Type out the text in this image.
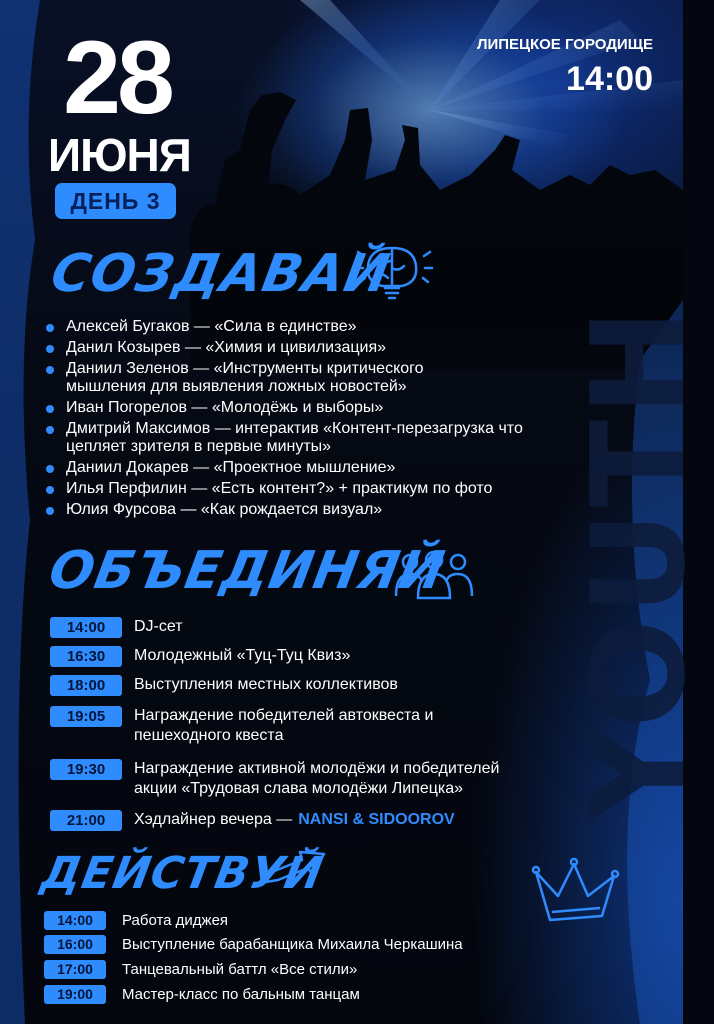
YOUTH
28
ИЮНЯ
ДЕНЬ 3
ЛИПЕЦКОЕ ГОРОДИЩЕ
14:00
СОЗДАВАЙ
Алексей Бугаков — «Сила в единстве»
Данил Козырев — «Химия и цивилизация»
Даниил Зеленов — «Инструменты критического мышления для выявления ложных новостей»
Иван Погорелов — «Молодёжь и выборы»
Дмитрий Максимов — интерактив «Контент-перезагрузка что цепляет зрителя в первые минуты»
Даниил Докарев — «Проектное мышление»
Илья Перфилин — «Есть контент?» + практикум по фото
Юлия Фурсова — «Как рождается визуал»
ОБЪЕДИНЯЙ
14:00	DJ-сет
16:30	Молодежный «Туц-Туц Квиз»
18:00	Выступления местных коллективов
19:05	Награждение победителей автоквеста и пешеходного квеста
19:30	Награждение активной молодёжи и победителей акции «Трудовая слава молодёжи Липецка»
21:00	Хэдлайнер вечера — NANSI & SIDOORОV
ДЕЙСТВУЙ
14:00	Работа диджея
16:00	Выступление барабанщика Михаила Черкашина
17:00	Танцевальный баттл «Все стили»
19:00	Мастер-класс по бальным танцам
